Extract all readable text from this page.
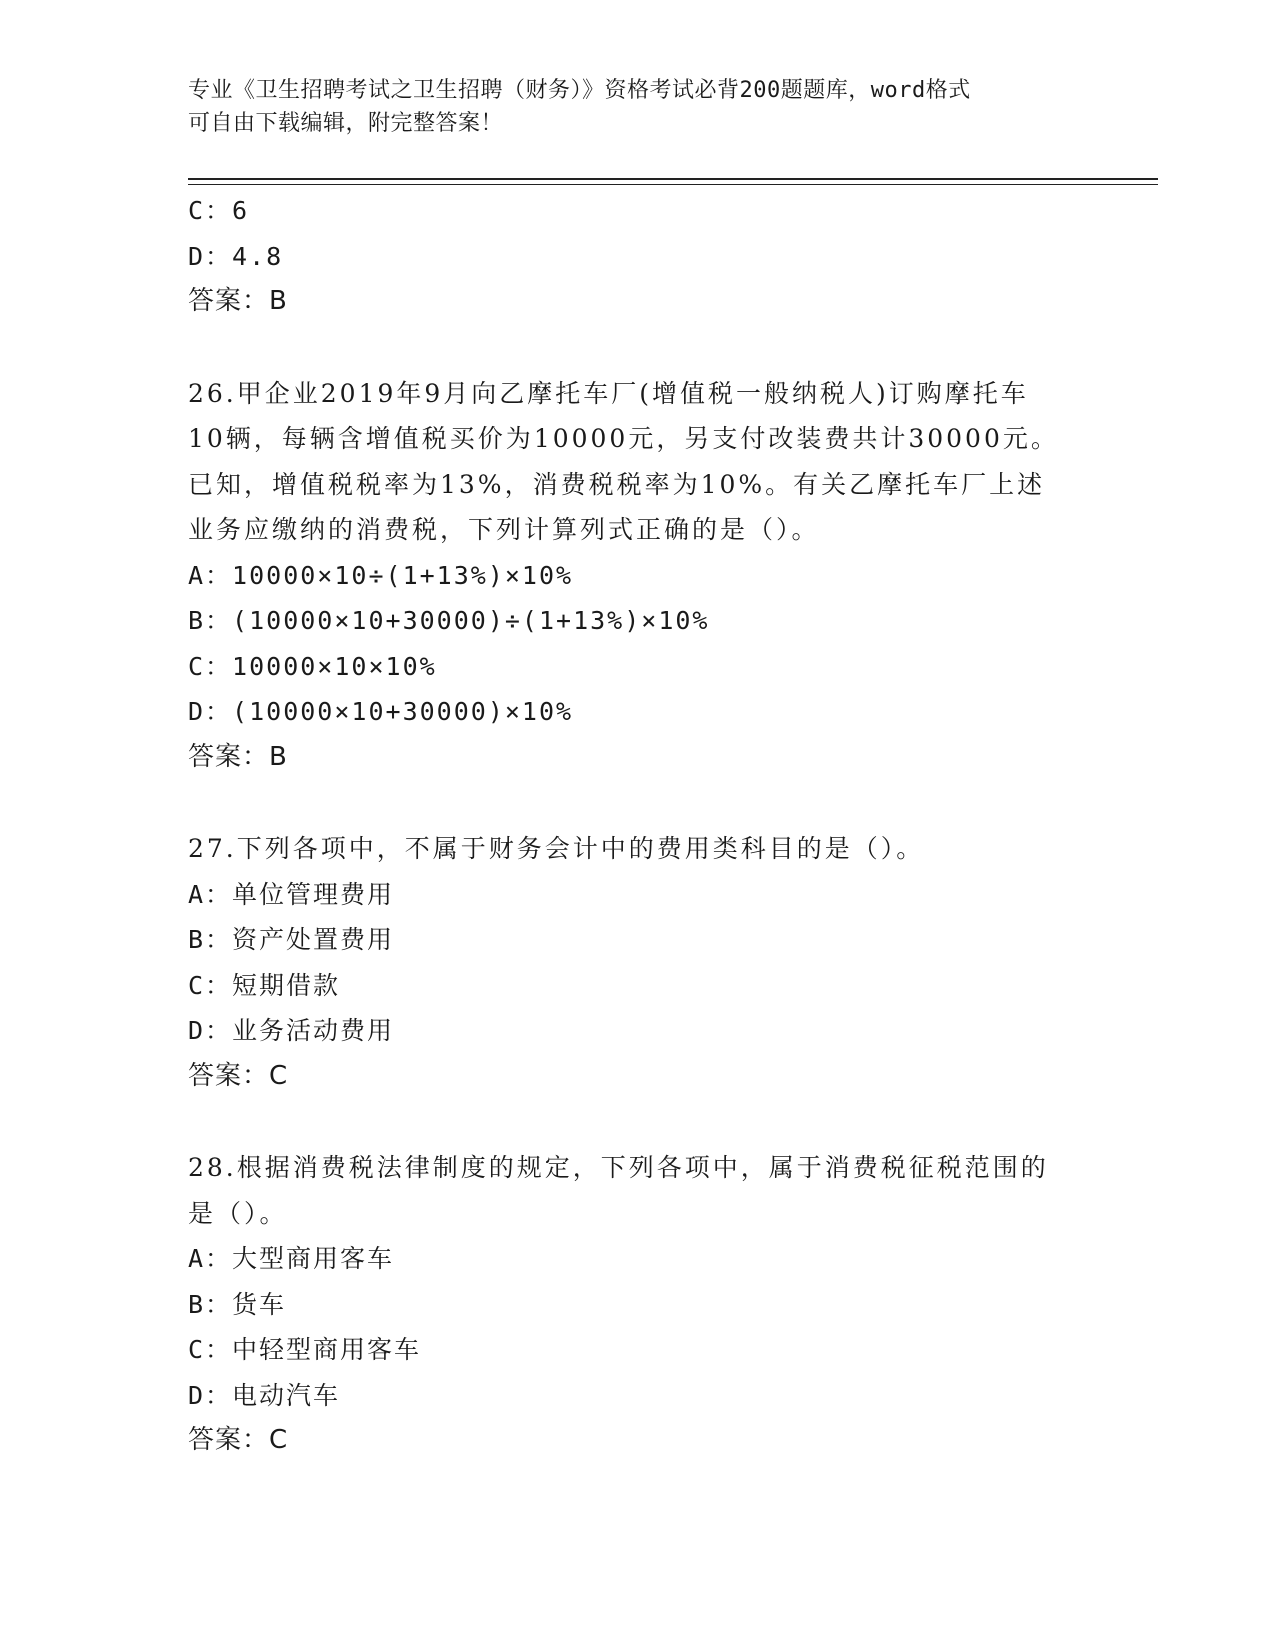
专业《卫生招聘考试之卫生招聘（财务）》资格考试必背200题题库，word格式
可自由下载编辑，附完整答案！
C：6
D：4.8
答案：B
26.甲企业2019年9月向乙摩托车厂(增值税一般纳税人)订购摩托车
10辆，每辆含增值税买价为10000元，另支付改装费共计30000元。
已知，增值税税率为13%，消费税税率为10%。有关乙摩托车厂上述
业务应缴纳的消费税，下列计算列式正确的是（）。
A：10000×10÷(1+13%)×10%
B：(10000×10+30000)÷(1+13%)×10%
C：10000×10×10%
D：(10000×10+30000)×10%
答案：B
27.下列各项中，不属于财务会计中的费用类科目的是（）。
A：单位管理费用
B：资产处置费用
C：短期借款
D：业务活动费用
答案：C
28.根据消费税法律制度的规定，下列各项中，属于消费税征税范围的
是（）。
A：大型商用客车
B：货车
C：中轻型商用客车
D：电动汽车
答案：C
